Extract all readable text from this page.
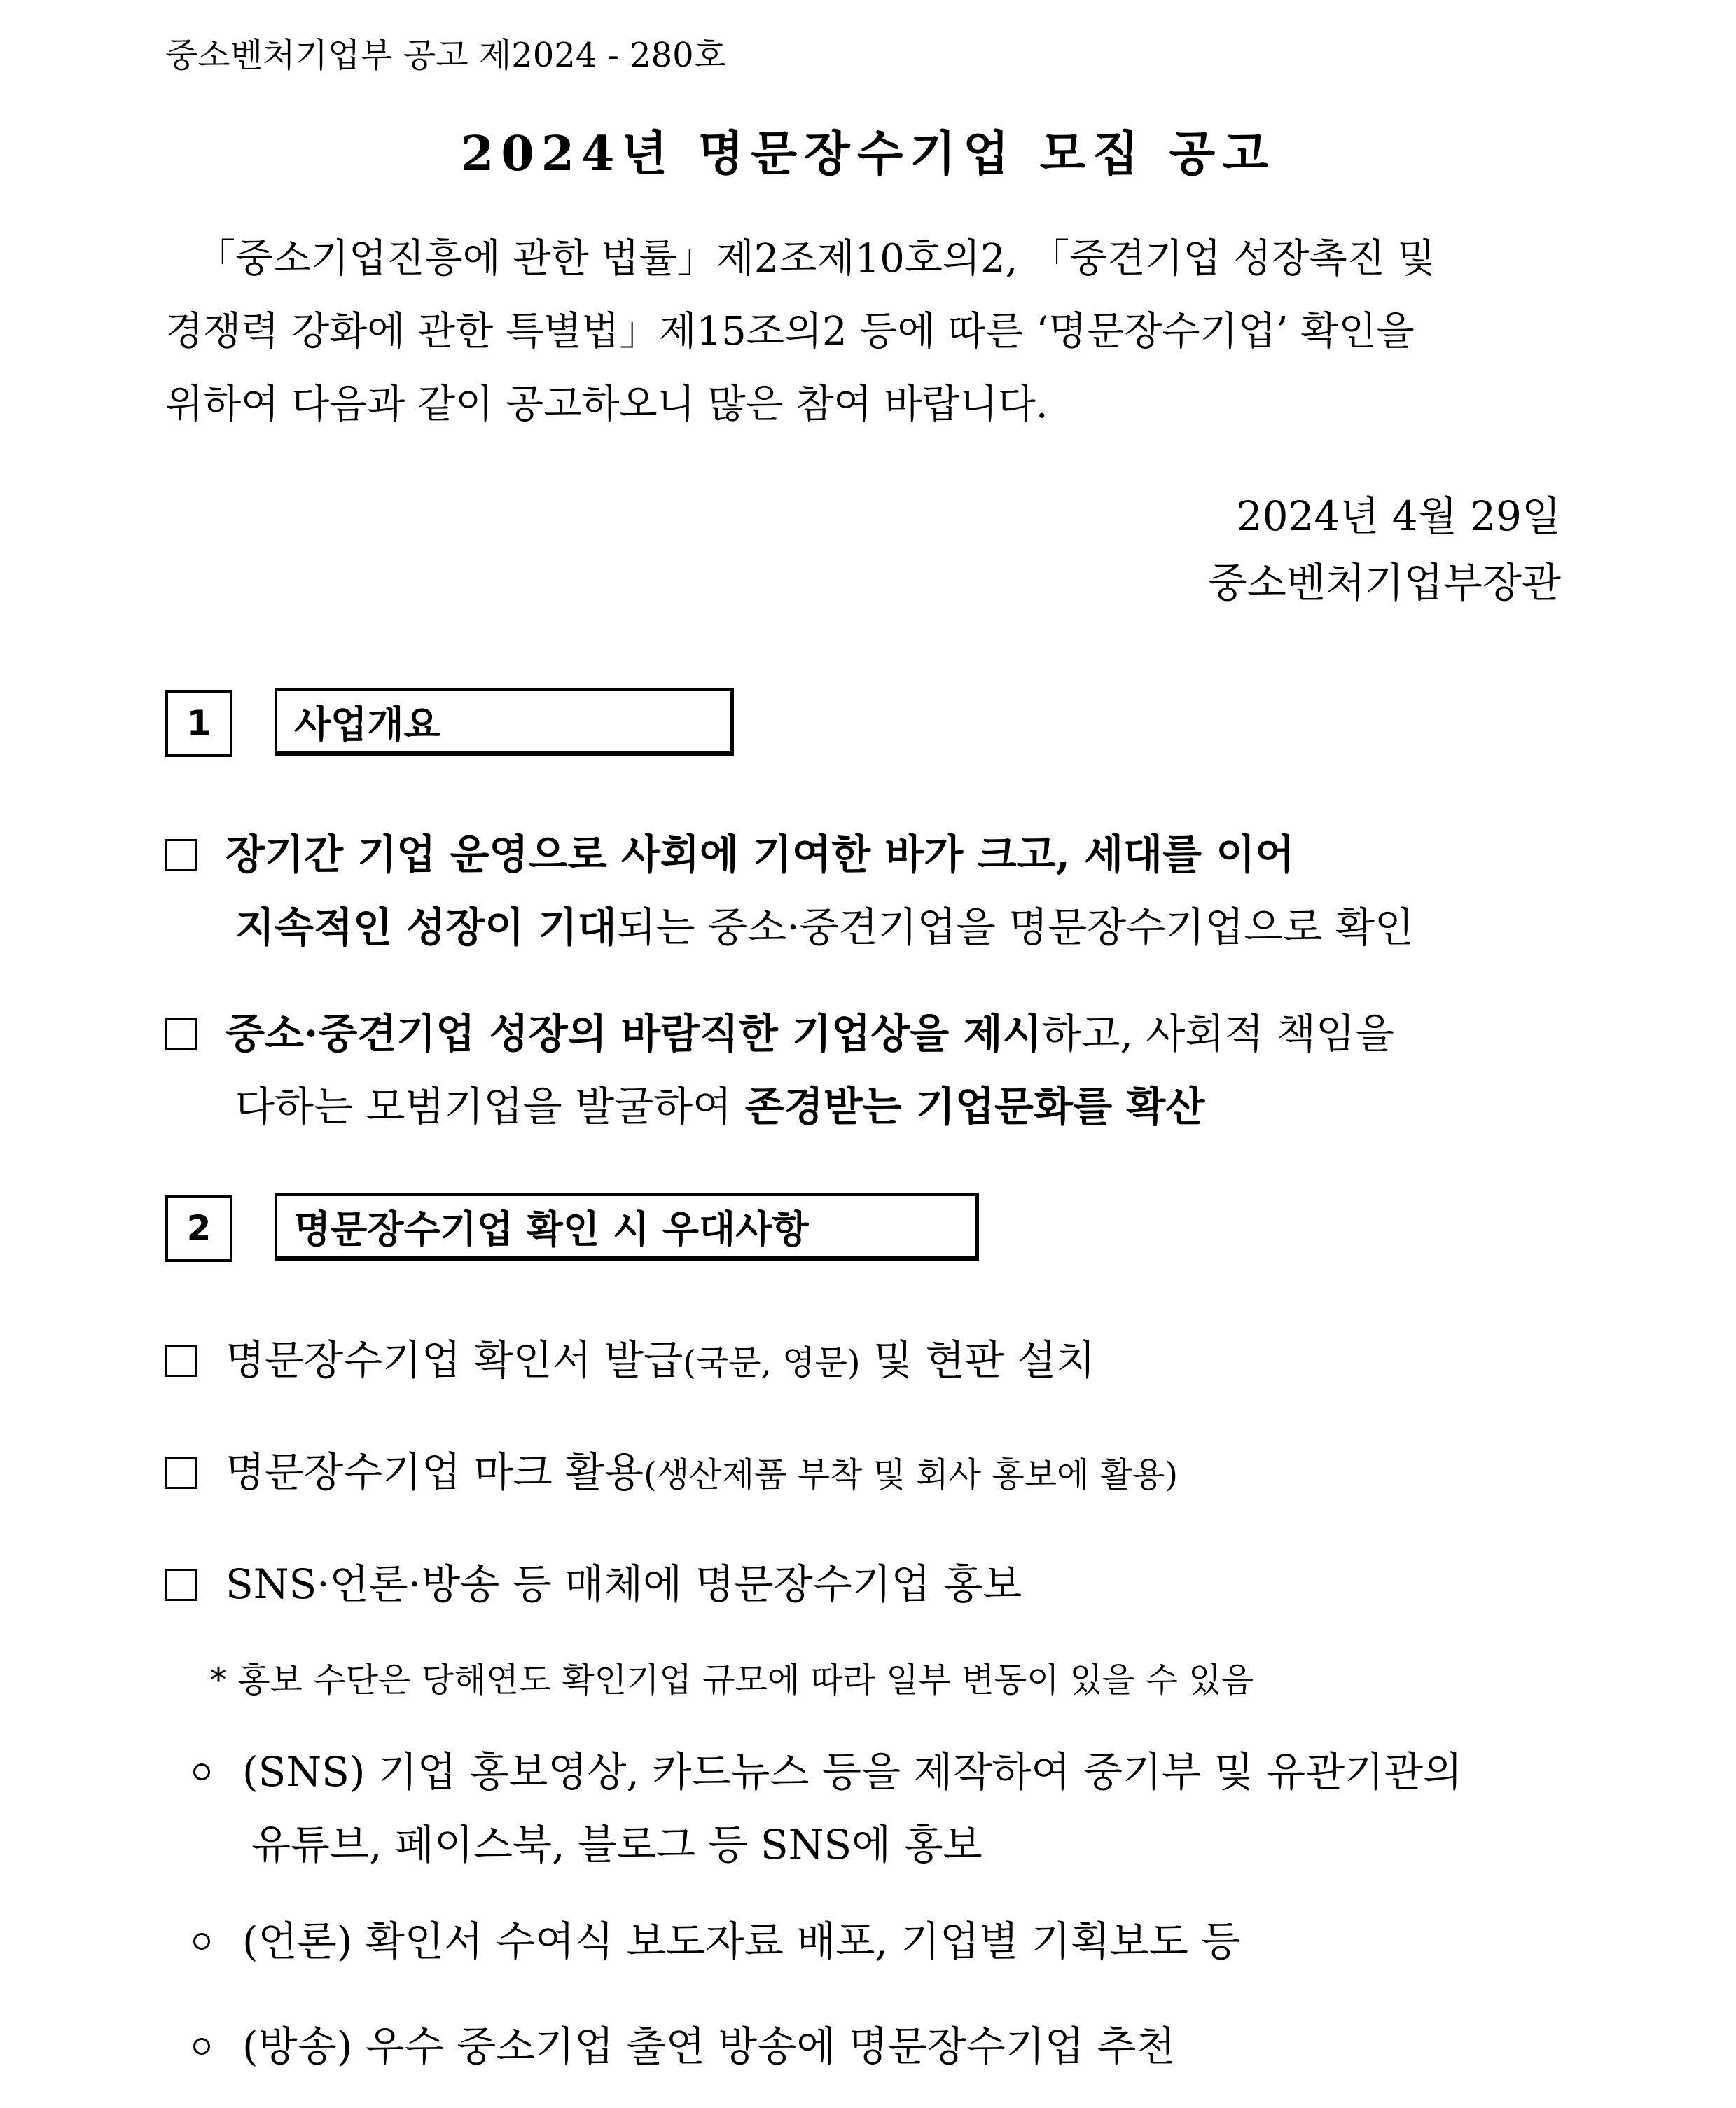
중소벤처기업부 공고 제2024 - 280호
2024년 명문장수기업 모집 공고
「중소기업진흥에 관한 법률」제2조제10호의2, 「중견기업 성장촉진 및
경쟁력 강화에 관한 특별법」제15조의2 등에 따른 ‘명문장수기업’ 확인을
위하여 다음과 같이 공고하오니 많은 참여 바랍니다.
2024년 4월 29일
중소벤처기업부장관
1	사업개요
장기간 기업 운영으로 사회에 기여한 바가 크고, 세대를 이어
지속적인 성장이 기대되는 중소·중견기업을 명문장수기업으로 확인
중소·중견기업 성장의 바람직한 기업상을 제시하고, 사회적 책임을
다하는 모범기업을 발굴하여 존경받는 기업문화를 확산
2	명문장수기업 확인 시 우대사항
명문장수기업 확인서 발급(국문, 영문) 및 현판 설치
명문장수기업 마크 활용(생산제품 부착 및 회사 홍보에 활용)
SNS·언론·방송 등 매체에 명문장수기업 홍보
* 홍보 수단은 당해연도 확인기업 규모에 따라 일부 변동이 있을 수 있음
(SNS) 기업 홍보영상, 카드뉴스 등을 제작하여 중기부 및 유관기관의
유튜브, 페이스북, 블로그 등 SNS에 홍보
(언론) 확인서 수여식 보도자료 배포, 기업별 기획보도 등
(방송) 우수 중소기업 출연 방송에 명문장수기업 추천
